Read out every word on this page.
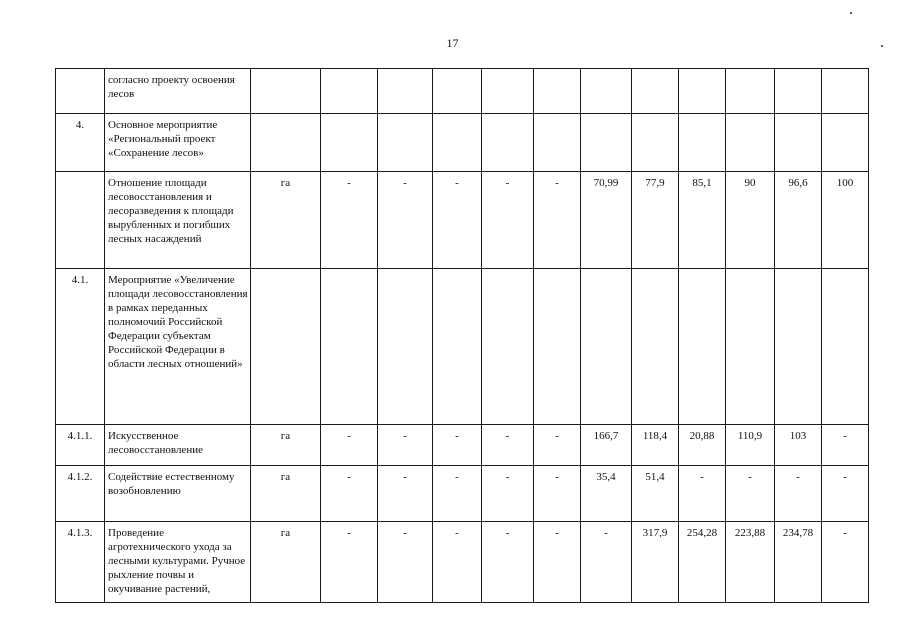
17
	согласно проекту освоения лесов												
4.	Основное мероприятие «Региональный проект «Сохранение лесов»												
	Отношение площади лесовосстановления и лесоразведения к площади вырубленных и погибших лесных насаждений	га	-	-	-	-	-	70,99	77,9	85,1	90	96,6	100
4.1.	Мероприятие «Увеличение площади лесовосстановления в рамках переданных полномочий Российской Федерации субъектам Российской Федерации в области лесных отношений»												
4.1.1.	Искусственное лесовосстановление	га	-	-	-	-	-	166,7	118,4	20,88	110,9	103	-
4.1.2.	Содействие естественному возобновлению	га	-	-	-	-	-	35,4	51,4	-	-	-	-
4.1.3.	Проведение агротехнического ухода за лесными культурами. Ручное рыхление почвы и окучивание растений,	га	-	-	-	-	-	-	317,9	254,28	223,88	234,78	-
